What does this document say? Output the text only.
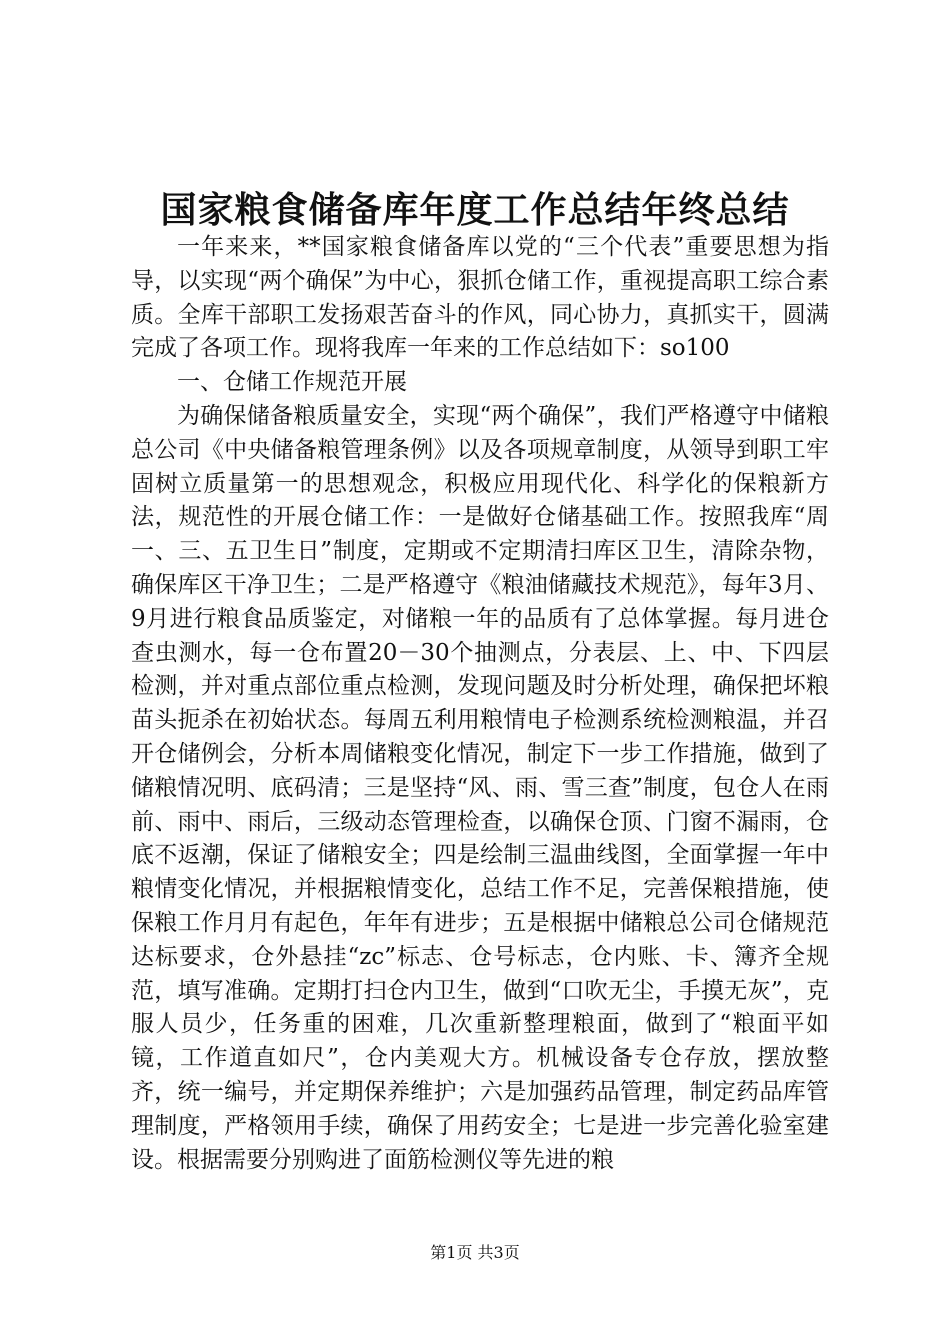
国家粮食储备库年度工作总结年终总结

一年来来，**国家粮食储备库以党的“三个代表”重要思想为指导，以实现“两个确保”为中心，狠抓仓储工作，重视提高职工综合素质。全库干部职工发扬艰苦奋斗的作风，同心协力，真抓实干，圆满完成了各项工作。现将我库一年来的工作总结如下：so100

一、仓储工作规范开展

为确保储备粮质量安全，实现“两个确保”，我们严格遵守中储粮总公司《中央储备粮管理条例》以及各项规章制度，从领导到职工牢固树立质量第一的思想观念，积极应用现代化、科学化的保粮新方法，规范性的开展仓储工作：一是做好仓储基础工作。按照我库“周一、三、五卫生日”制度，定期或不定期清扫库区卫生，清除杂物，确保库区干净卫生；二是严格遵守《粮油储藏技术规范》，每年3月、9月进行粮食品质鉴定，对储粮一年的品质有了总体掌握。每月进仓查虫测水，每一仓布置20－30个抽测点，分表层、上、中、下四层检测，并对重点部位重点检测，发现问题及时分析处理，确保把坏粮苗头扼杀在初始状态。每周五利用粮情电子检测系统检测粮温，并召开仓储例会，分析本周储粮变化情况，制定下一步工作措施，做到了储粮情况明、底码清；三是坚持“风、雨、雪三查”制度，包仓人在雨前、雨中、雨后，三级动态管理检查，以确保仓顶、门窗不漏雨，仓底不返潮，保证了储粮安全；四是绘制三温曲线图，全面掌握一年中粮情变化情况，并根据粮情变化，总结工作不足，完善保粮措施，使保粮工作月月有起色，年年有进步；五是根据中储粮总公司仓储规范达标要求，仓外悬挂“zc”标志、仓号标志，仓内账、卡、簿齐全规范，填写准确。定期打扫仓内卫生，做到“口吹无尘，手摸无灰”，克服人员少，任务重的困难，几次重新整理粮面，做到了“粮面平如镜，工作道直如尺”，仓内美观大方。机械设备专仓存放，摆放整齐，统一编号，并定期保养维护；六是加强药品管理，制定药品库管理制度，严格领用手续，确保了用药安全；七是进一步完善化验室建设。根据需要分别购进了面筋检测仪等先进的粮

第1页 共3页
